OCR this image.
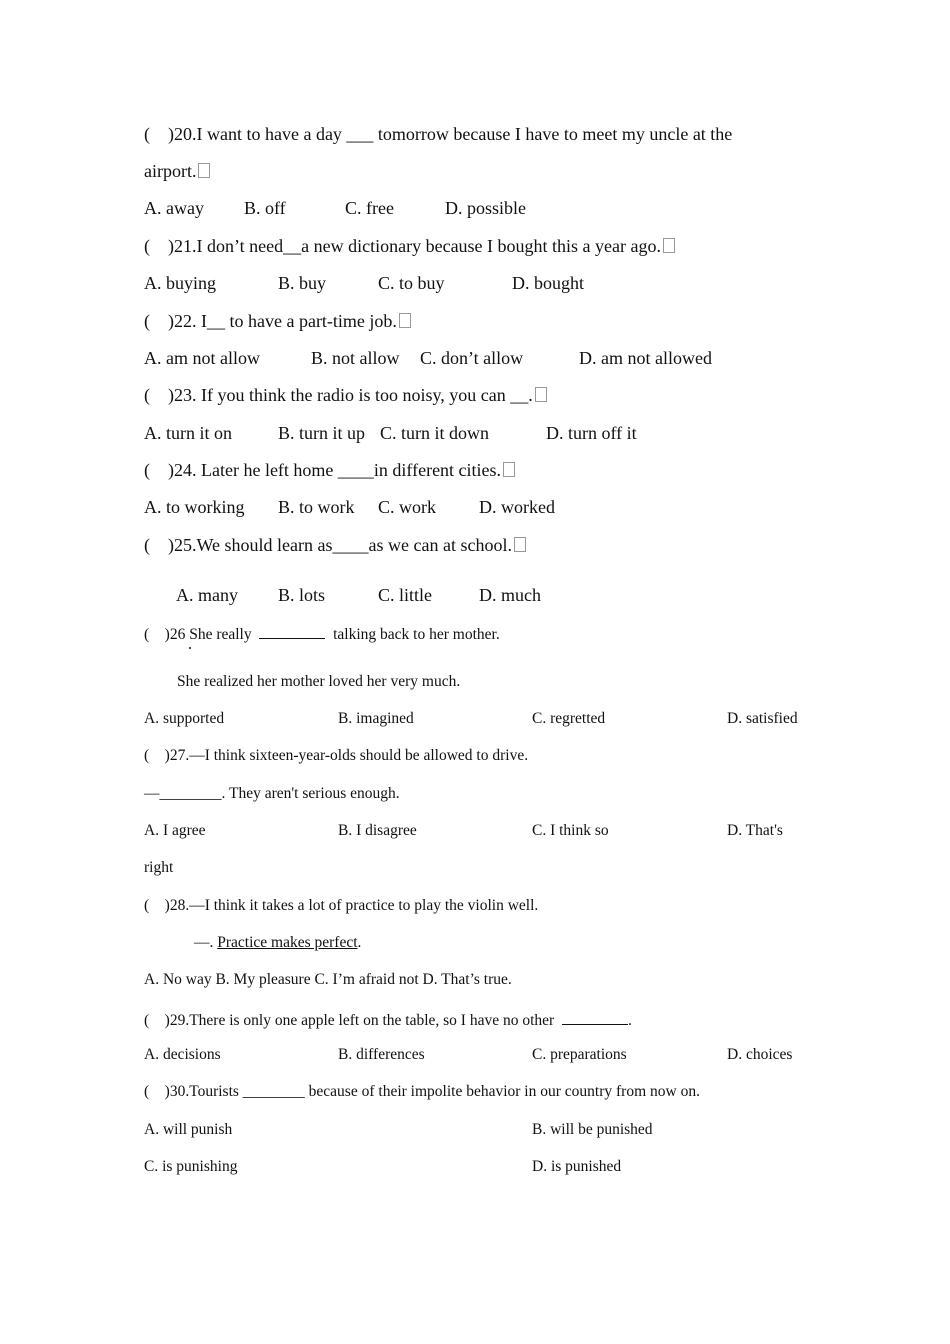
(    )20.I want to have a day ___ tomorrow because I have to meet my uncle at the
airport.
A. away B. off	C. free	D. possible
(    )21.I don’t need__a new dictionary because I bought this a year ago.
A. buying	B. buy	C. to buy	D. bought
(    )22. I__ to have a part-time job.
A. am not allow	B. not allow C. don’t allow	D. am not allowed
(    )23. If you think the radio is too noisy, you can __.
A. turn it on	B. turn it up C. turn it down	D. turn off it
(    )24. Later he left home ____in different cities.
A. to working B. to work C. work D. worked
(    )25.We should learn as____as we can at school.
A. many B. lots	C. little	D. much
(    )26 She really	talking back to her mother.
She realized her mother loved her very much.
A. supported	B. imagined	C. regretted	D. satisfied
(    )27.—I think sixteen-year-olds should be allowed to drive.
—________. They aren't serious enough.
A. I agree	B. I disagree	C. I think so	D. That's
right
(    )28.—I think it takes a lot of practice to play the violin well.
—. Practice makes perfect.
A. No way B. My pleasure C. I’m afraid not D. That’s true.
(    )29.There is only one apple left on the table, so I have no other	.
A. decisions	B. differences	C. preparations	D. choices
(    )30.Tourists ________ because of their impolite behavior in our country from now on.
A. will punish	B. will be punished
C. is punishing	D. is punished
